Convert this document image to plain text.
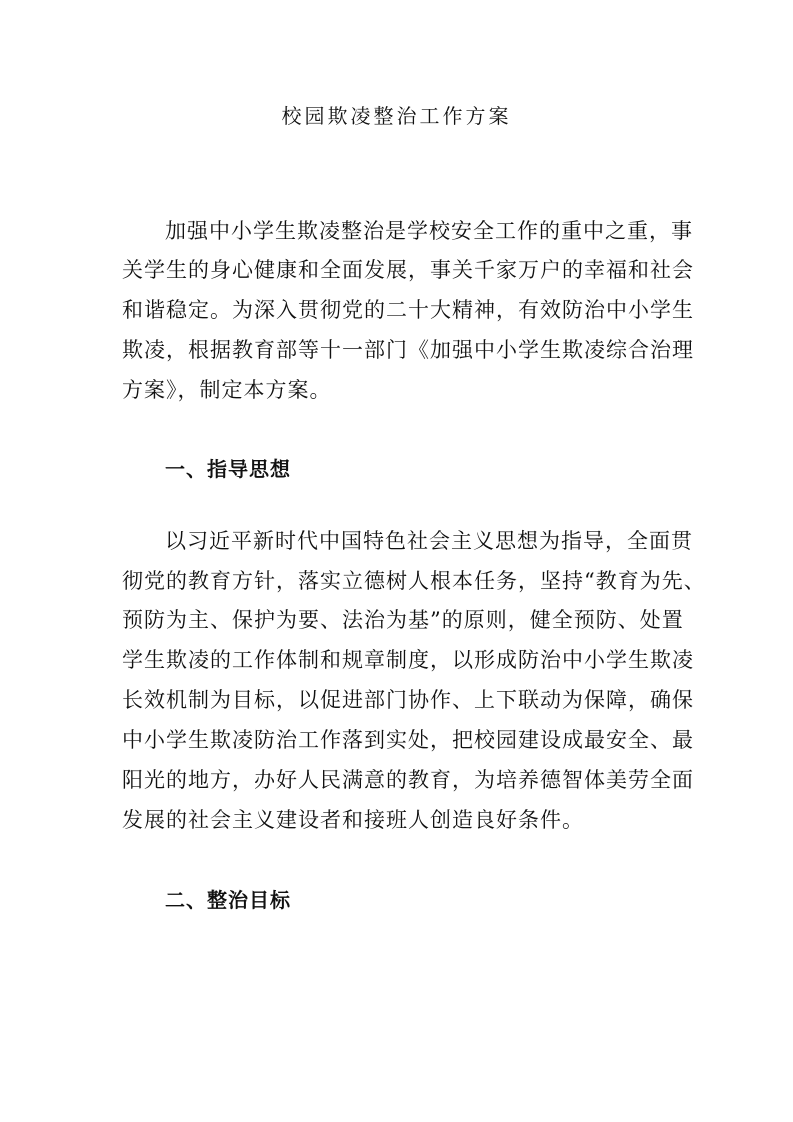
校园欺凌整治工作方案

加强中小学生欺凌整治是学校安全工作的重中之重，事

关学生的身心健康和全面发展，事关千家万户的幸福和社会

和谐稳定。为深入贯彻党的二十大精神，有效防治中小学生

欺凌，根据教育部等十一部门《加强中小学生欺凌综合治理

方案》，制定本方案。

一、指导思想

以习近平新时代中国特色社会主义思想为指导，全面贯

彻党的教育方针，落实立德树人根本任务，坚持“教育为先、

预防为主、保护为要、法治为基”的原则，健全预防、处置

学生欺凌的工作体制和规章制度，以形成防治中小学生欺凌

长效机制为目标，以促进部门协作、上下联动为保障，确保

中小学生欺凌防治工作落到实处，把校园建设成最安全、最

阳光的地方，办好人民满意的教育，为培养德智体美劳全面

发展的社会主义建设者和接班人创造良好条件。

二、整治目标
